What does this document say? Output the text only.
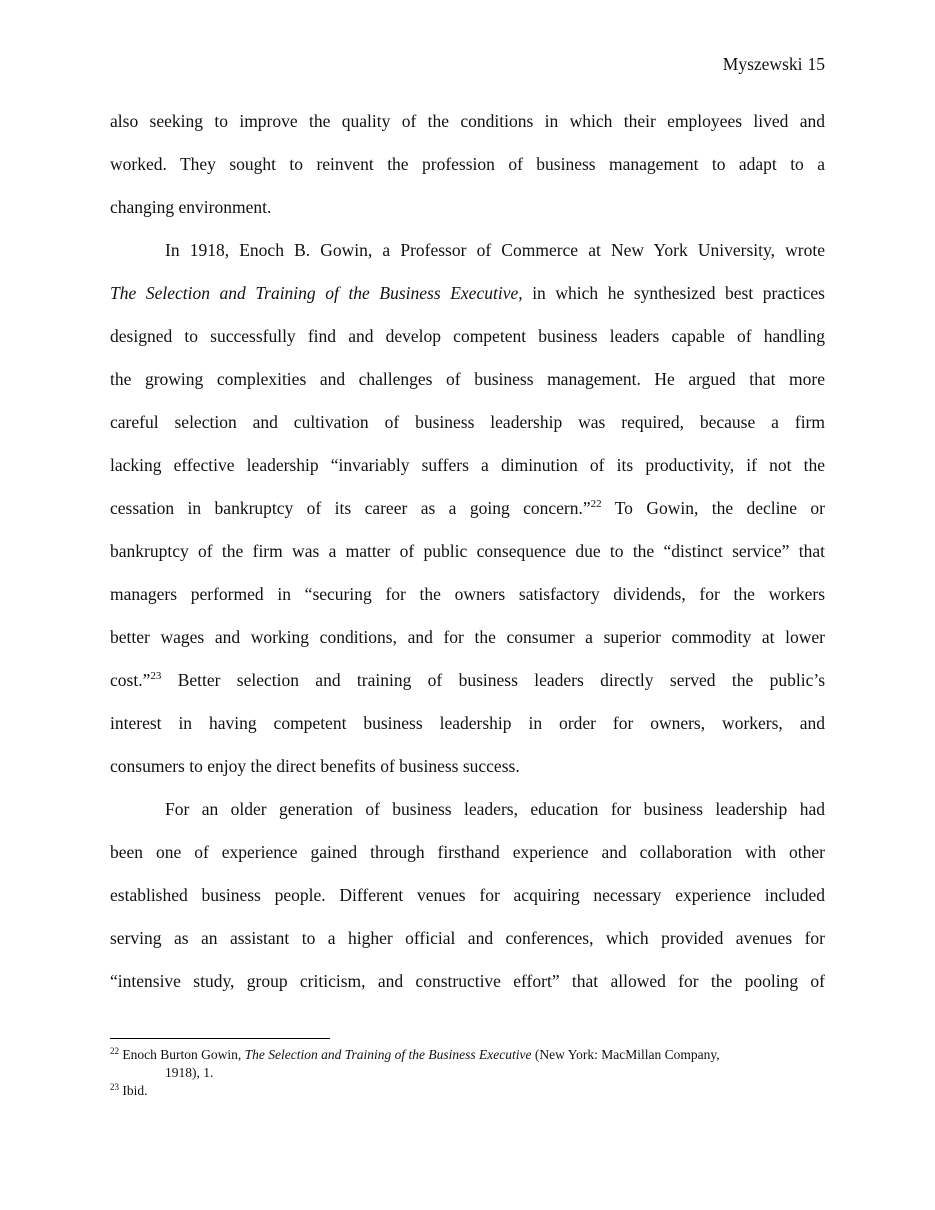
Myszewski 15
also seeking to improve the quality of the conditions in which their employees lived and
worked. They sought to reinvent the profession of business management to adapt to a
changing environment.
In 1918, Enoch B. Gowin, a Professor of Commerce at New York University, wrote
The Selection and Training of the Business Executive, in which he synthesized best practices
designed to successfully find and develop competent business leaders capable of handling
the growing complexities and challenges of business management. He argued that more
careful selection and cultivation of business leadership was required, because a firm
lacking effective leadership “invariably suffers a diminution of its productivity, if not the
cessation in bankruptcy of its career as a going concern.”$^{22}$ To Gowin, the decline or
bankruptcy of the firm was a matter of public consequence due to the “distinct service” that
managers performed in “securing for the owners satisfactory dividends, for the workers
better wages and working conditions, and for the consumer a superior commodity at lower
cost.”$^{23}$ Better selection and training of business leaders directly served the public’s
interest in having competent business leadership in order for owners, workers, and
consumers to enjoy the direct benefits of business success.
For an older generation of business leaders, education for business leadership had
been one of experience gained through firsthand experience and collaboration with other
established business people. Different venues for acquiring necessary experience included
serving as an assistant to a higher official and conferences, which provided avenues for
“intensive study, group criticism, and constructive effort” that allowed for the pooling of
$^{22}$ Enoch Burton Gowin, The Selection and Training of the Business Executive (New York: MacMillan Company,
1918), 1.
$^{23}$ Ibid.
